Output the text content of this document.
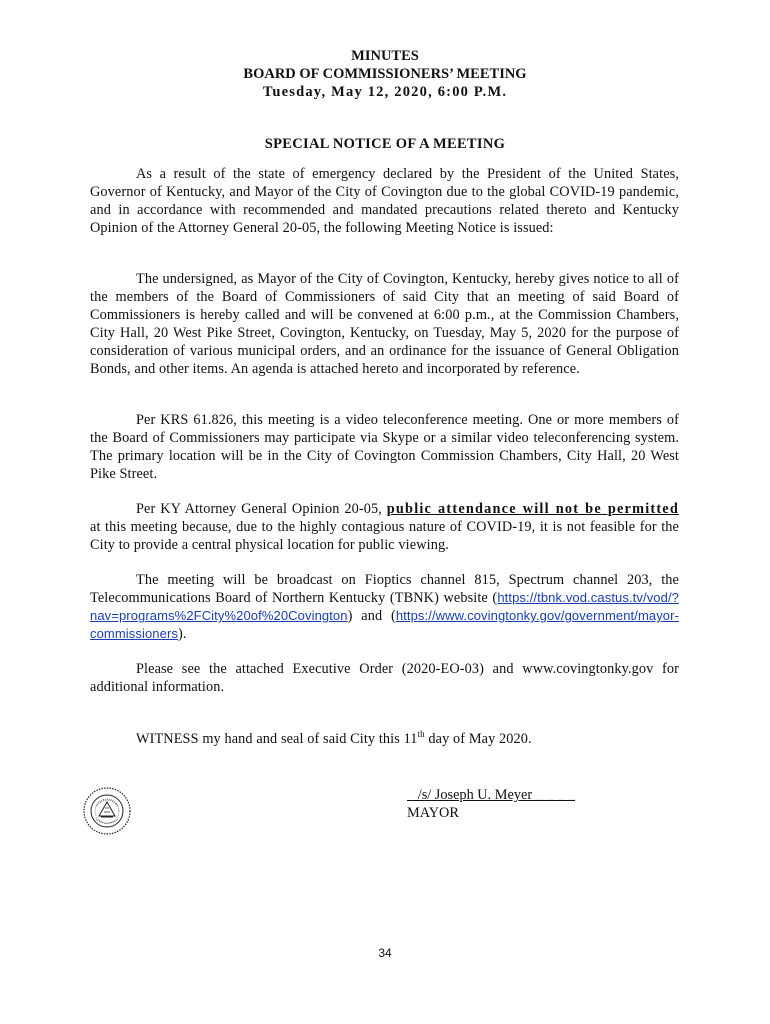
MINUTES
BOARD OF COMMISSIONERS’ MEETING
Tuesday, May 12, 2020, 6:00 P.M.
SPECIAL NOTICE OF A MEETING

As a result of the state of emergency declared by the President of the United States, Governor of Kentucky, and Mayor of the City of Covington due to the global COVID-19 pandemic, and in accordance with recommended and mandated precautions related thereto and Kentucky Opinion of the Attorney General 20-05, the following Meeting Notice is issued:

The undersigned, as Mayor of the City of Covington, Kentucky, hereby gives notice to all of the members of the Board of Commissioners of said City that an meeting of said Board of Commissioners is hereby called and will be convened at 6:00 p.m., at the Commission Chambers, City Hall, 20 West Pike Street, Covington, Kentucky, on Tuesday, May 5, 2020 for the purpose of consideration of various municipal orders, and an ordinance for the issuance of General Obligation Bonds, and other items. An agenda is attached hereto and incorporated by reference.

Per KRS 61.826, this meeting is a video teleconference meeting. One or more members of the Board of Commissioners may participate via Skype or a similar video teleconferencing system. The primary location will be in the City of Covington Commission Chambers, City Hall, 20 West Pike Street.

Per KY Attorney General Opinion 20-05, public attendance will not be permitted at this meeting because, due to the highly contagious nature of COVID-19, it is not feasible for the City to provide a central physical location for public viewing.

The meeting will be broadcast on Fioptics channel 815, Spectrum channel 203, the Telecommunications Board of Northern Kentucky (TBNK) website (https://tbnk.vod.castus.tv/vod/?nav=programs%2FCity%20of%20Covington) and (https://www.covingtonky.gov/government/mayor-commissioners).

Please see the attached Executive Order (2020-EO-03) and www.covingtonky.gov for additional information.

WITNESS my hand and seal of said City this 11th day of May 2020.

/s/ Joseph U. Meyer _ _ _ _
MAYOR
34
